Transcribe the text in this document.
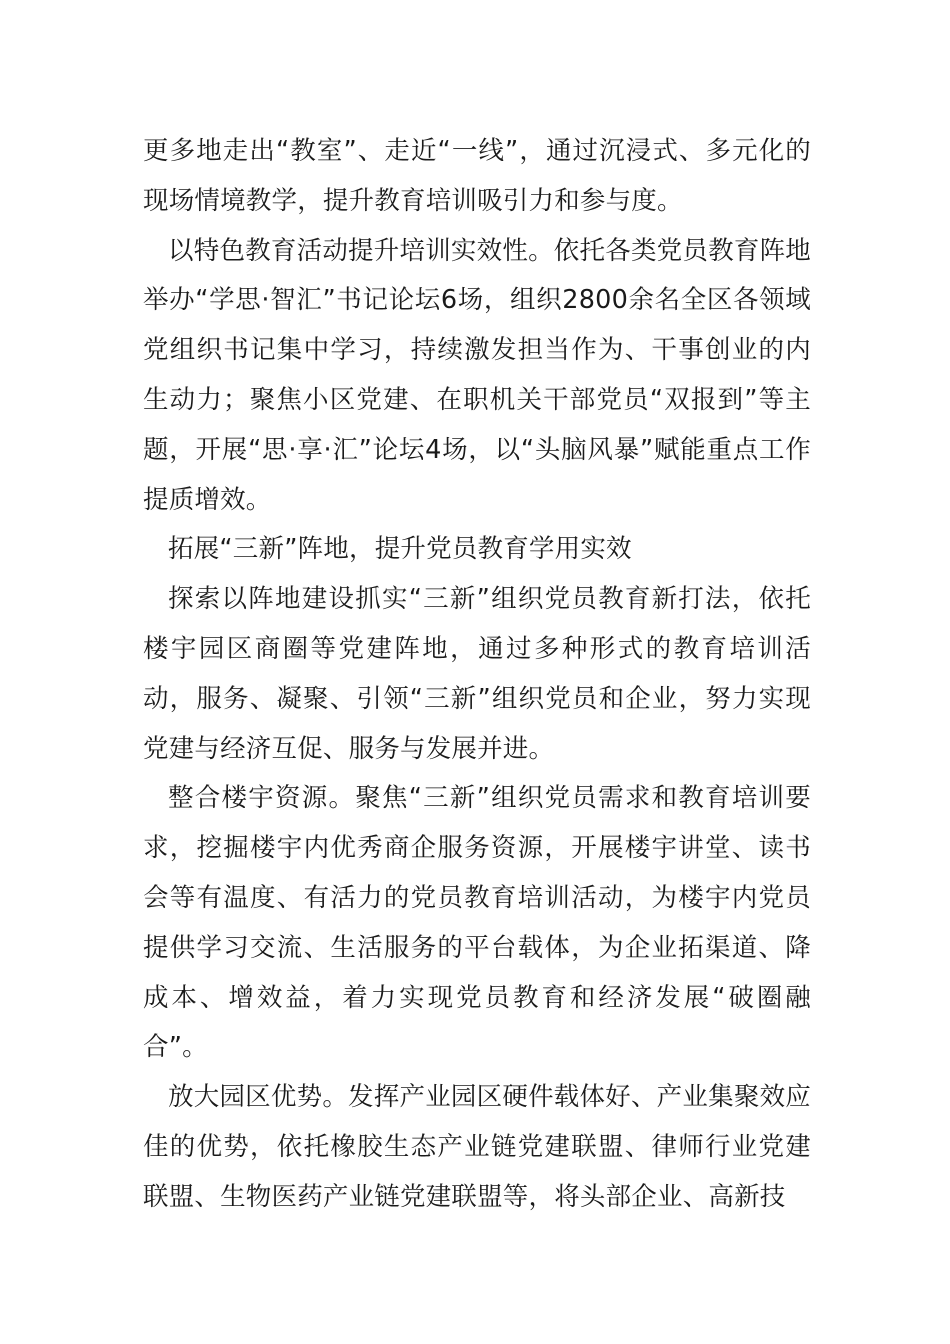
更多地走出“教室”、走近“一线”，通过沉浸式、多元化的现场情境教学，提升教育培训吸引力和参与度。

以特色教育活动提升培训实效性。依托各类党员教育阵地举办“学思·智汇”书记论坛6场，组织2800余名全区各领域党组织书记集中学习，持续激发担当作为、干事创业的内生动力；聚焦小区党建、在职机关干部党员“双报到”等主题，开展“思·享·汇”论坛4场，以“头脑风暴”赋能重点工作提质增效。

拓展“三新”阵地，提升党员教育学用实效

探索以阵地建设抓实“三新”组织党员教育新打法，依托楼宇园区商圈等党建阵地，通过多种形式的教育培训活动，服务、凝聚、引领“三新”组织党员和企业，努力实现党建与经济互促、服务与发展并进。

整合楼宇资源。聚焦“三新”组织党员需求和教育培训要求，挖掘楼宇内优秀商企服务资源，开展楼宇讲堂、读书会等有温度、有活力的党员教育培训活动，为楼宇内党员提供学习交流、生活服务的平台载体，为企业拓渠道、降成本、增效益，着力实现党员教育和经济发展“破圈融合”。

放大园区优势。发挥产业园区硬件载体好、产业集聚效应佳的优势，依托橡胶生态产业链党建联盟、律师行业党建联盟、生物医药产业链党建联盟等，将头部企业、高新技
